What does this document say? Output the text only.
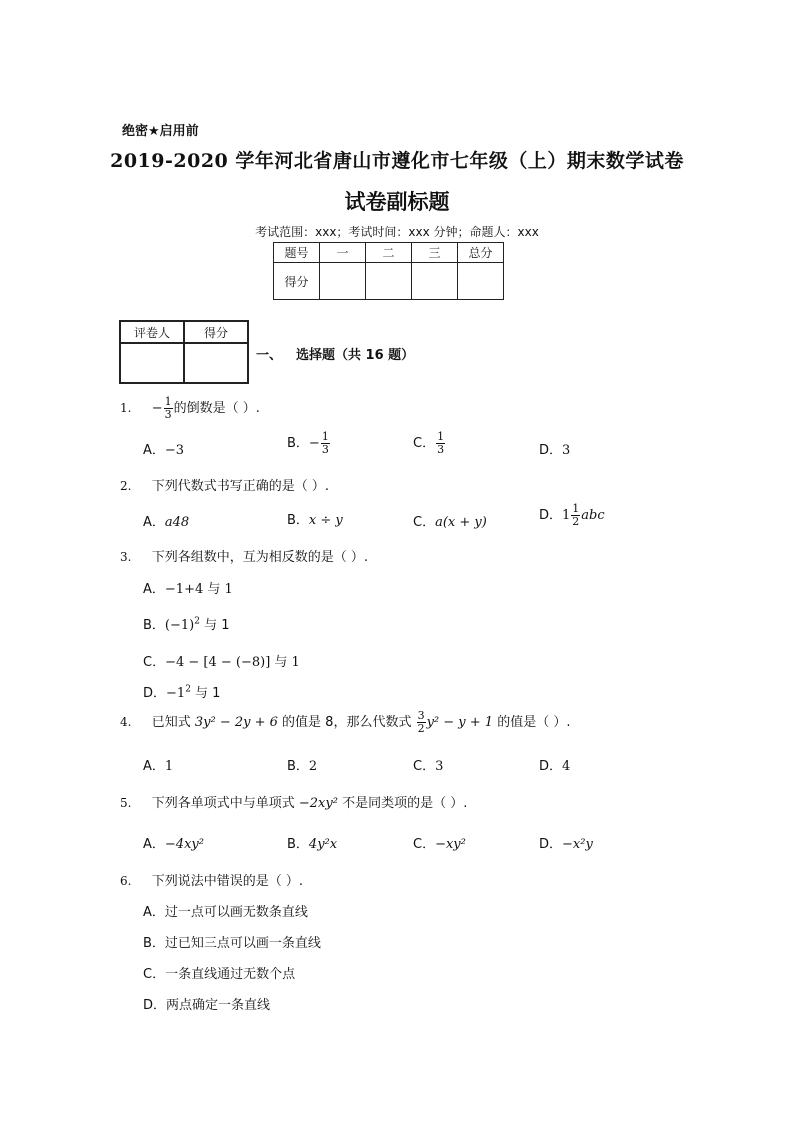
绝密★启用前
2019-2020 学年河北省唐山市遵化市七年级（上）期末数学试卷
试卷副标题
考试范围：xxx；考试时间：xxx 分钟；命题人：xxx
题号	一	二	三	总分
得分				
评卷人	得分

一、 选择题（共 16 题）
1. − $\frac{1}{3}$ 的倒数是（ ）.
A．−3	B．− $\frac{1}{3}$	C． $\frac{1}{3}$	D．3
2. 下列代数式书写正确的是（ ）.
A．a48	B．x ÷ y	C．a(x + y)	D．$1 \frac{1}{2}$ abc
3. 下列各组数中，互为相反数的是（ ）.
A．−1+4 与 1
B．$(-1)^2$ 与 1
C．−4 − [4 − (−8)] 与 1
D．$-1^2$ 与 1
4. 已知式 3y² − 2y + 6 的值是 8，那么代数式 $\frac{3}{2} y^2 - y + 1$ 的值是（ ）.
A．1	B．2	C．3	D．4
5. 下列各单项式中与单项式 −2xy² 不是同类项的是（ ）.
A．−4xy²	B．4y²x	C．−xy²	D．−x²y
6. 下列说法中错误的是（ ）.
A．过一点可以画无数条直线
B．过已知三点可以画一条直线
C．一条直线通过无数个点
D．两点确定一条直线
